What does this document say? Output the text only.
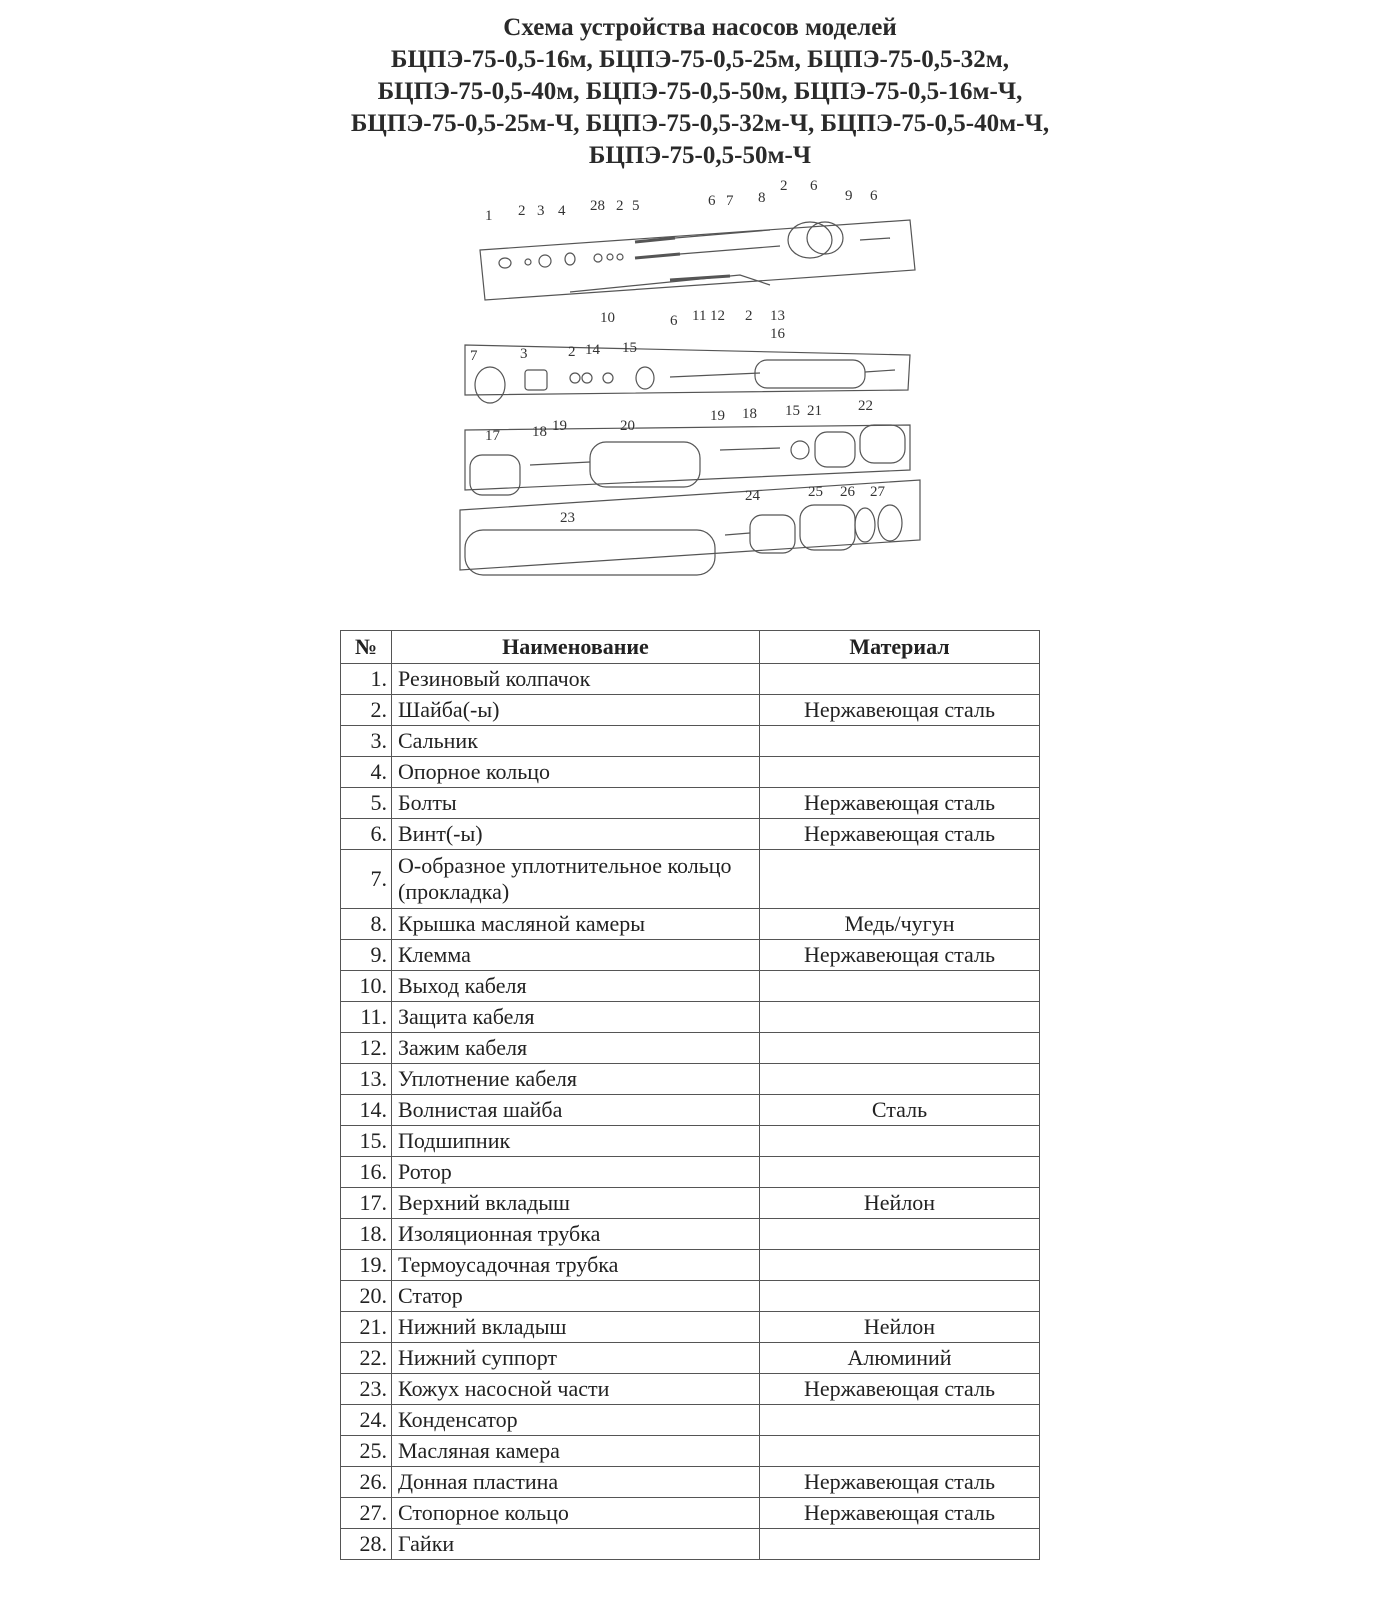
Схема устройства насосов моделей
БЦПЭ-75-0,5-16м, БЦПЭ-75-0,5-25м, БЦПЭ-75-0,5-32м,
БЦПЭ-75-0,5-40м, БЦПЭ-75-0,5-50м, БЦПЭ-75-0,5-16м-Ч,
БЦПЭ-75-0,5-25м-Ч, БЦПЭ-75-0,5-32м-Ч, БЦПЭ-75-0,5-40м-Ч,
БЦПЭ-75-0,5-50м-Ч
1 2 3 4 28 2 5	6 7 8
2 6
9 6
10	6 11 12 2 13
7	3	2 14 15
16
17 18 19	20
19 18 15 21 22
23
24	25 26 27
№	Наименование	Материал
1.	Резиновый колпачок	
2.	Шайба(-ы)	Нержавеющая сталь
3.	Сальник	
4.	Опорное кольцо	
5.	Болты	Нержавеющая сталь
6.	Винт(-ы)	Нержавеющая сталь
7.	О-образное уплотнительное кольцо (прокладка)	
8.	Крышка масляной камеры	Медь/чугун
9.	Клемма	Нержавеющая сталь
10.	Выход кабеля	
11.	Защита кабеля	
12.	Зажим кабеля	
13.	Уплотнение кабеля	
14.	Волнистая шайба	Сталь
15.	Подшипник	
16.	Ротор	
17.	Верхний вкладыш	Нейлон
18.	Изоляционная трубка	
19.	Термоусадочная трубка	
20.	Статор	
21.	Нижний вкладыш	Нейлон
22.	Нижний суппорт	Алюминий
23.	Кожух насосной части	Нержавеющая сталь
24.	Конденсатор	
25.	Масляная камера	
26.	Донная пластина	Нержавеющая сталь
27.	Стопорное кольцо	Нержавеющая сталь
28.	Гайки	
